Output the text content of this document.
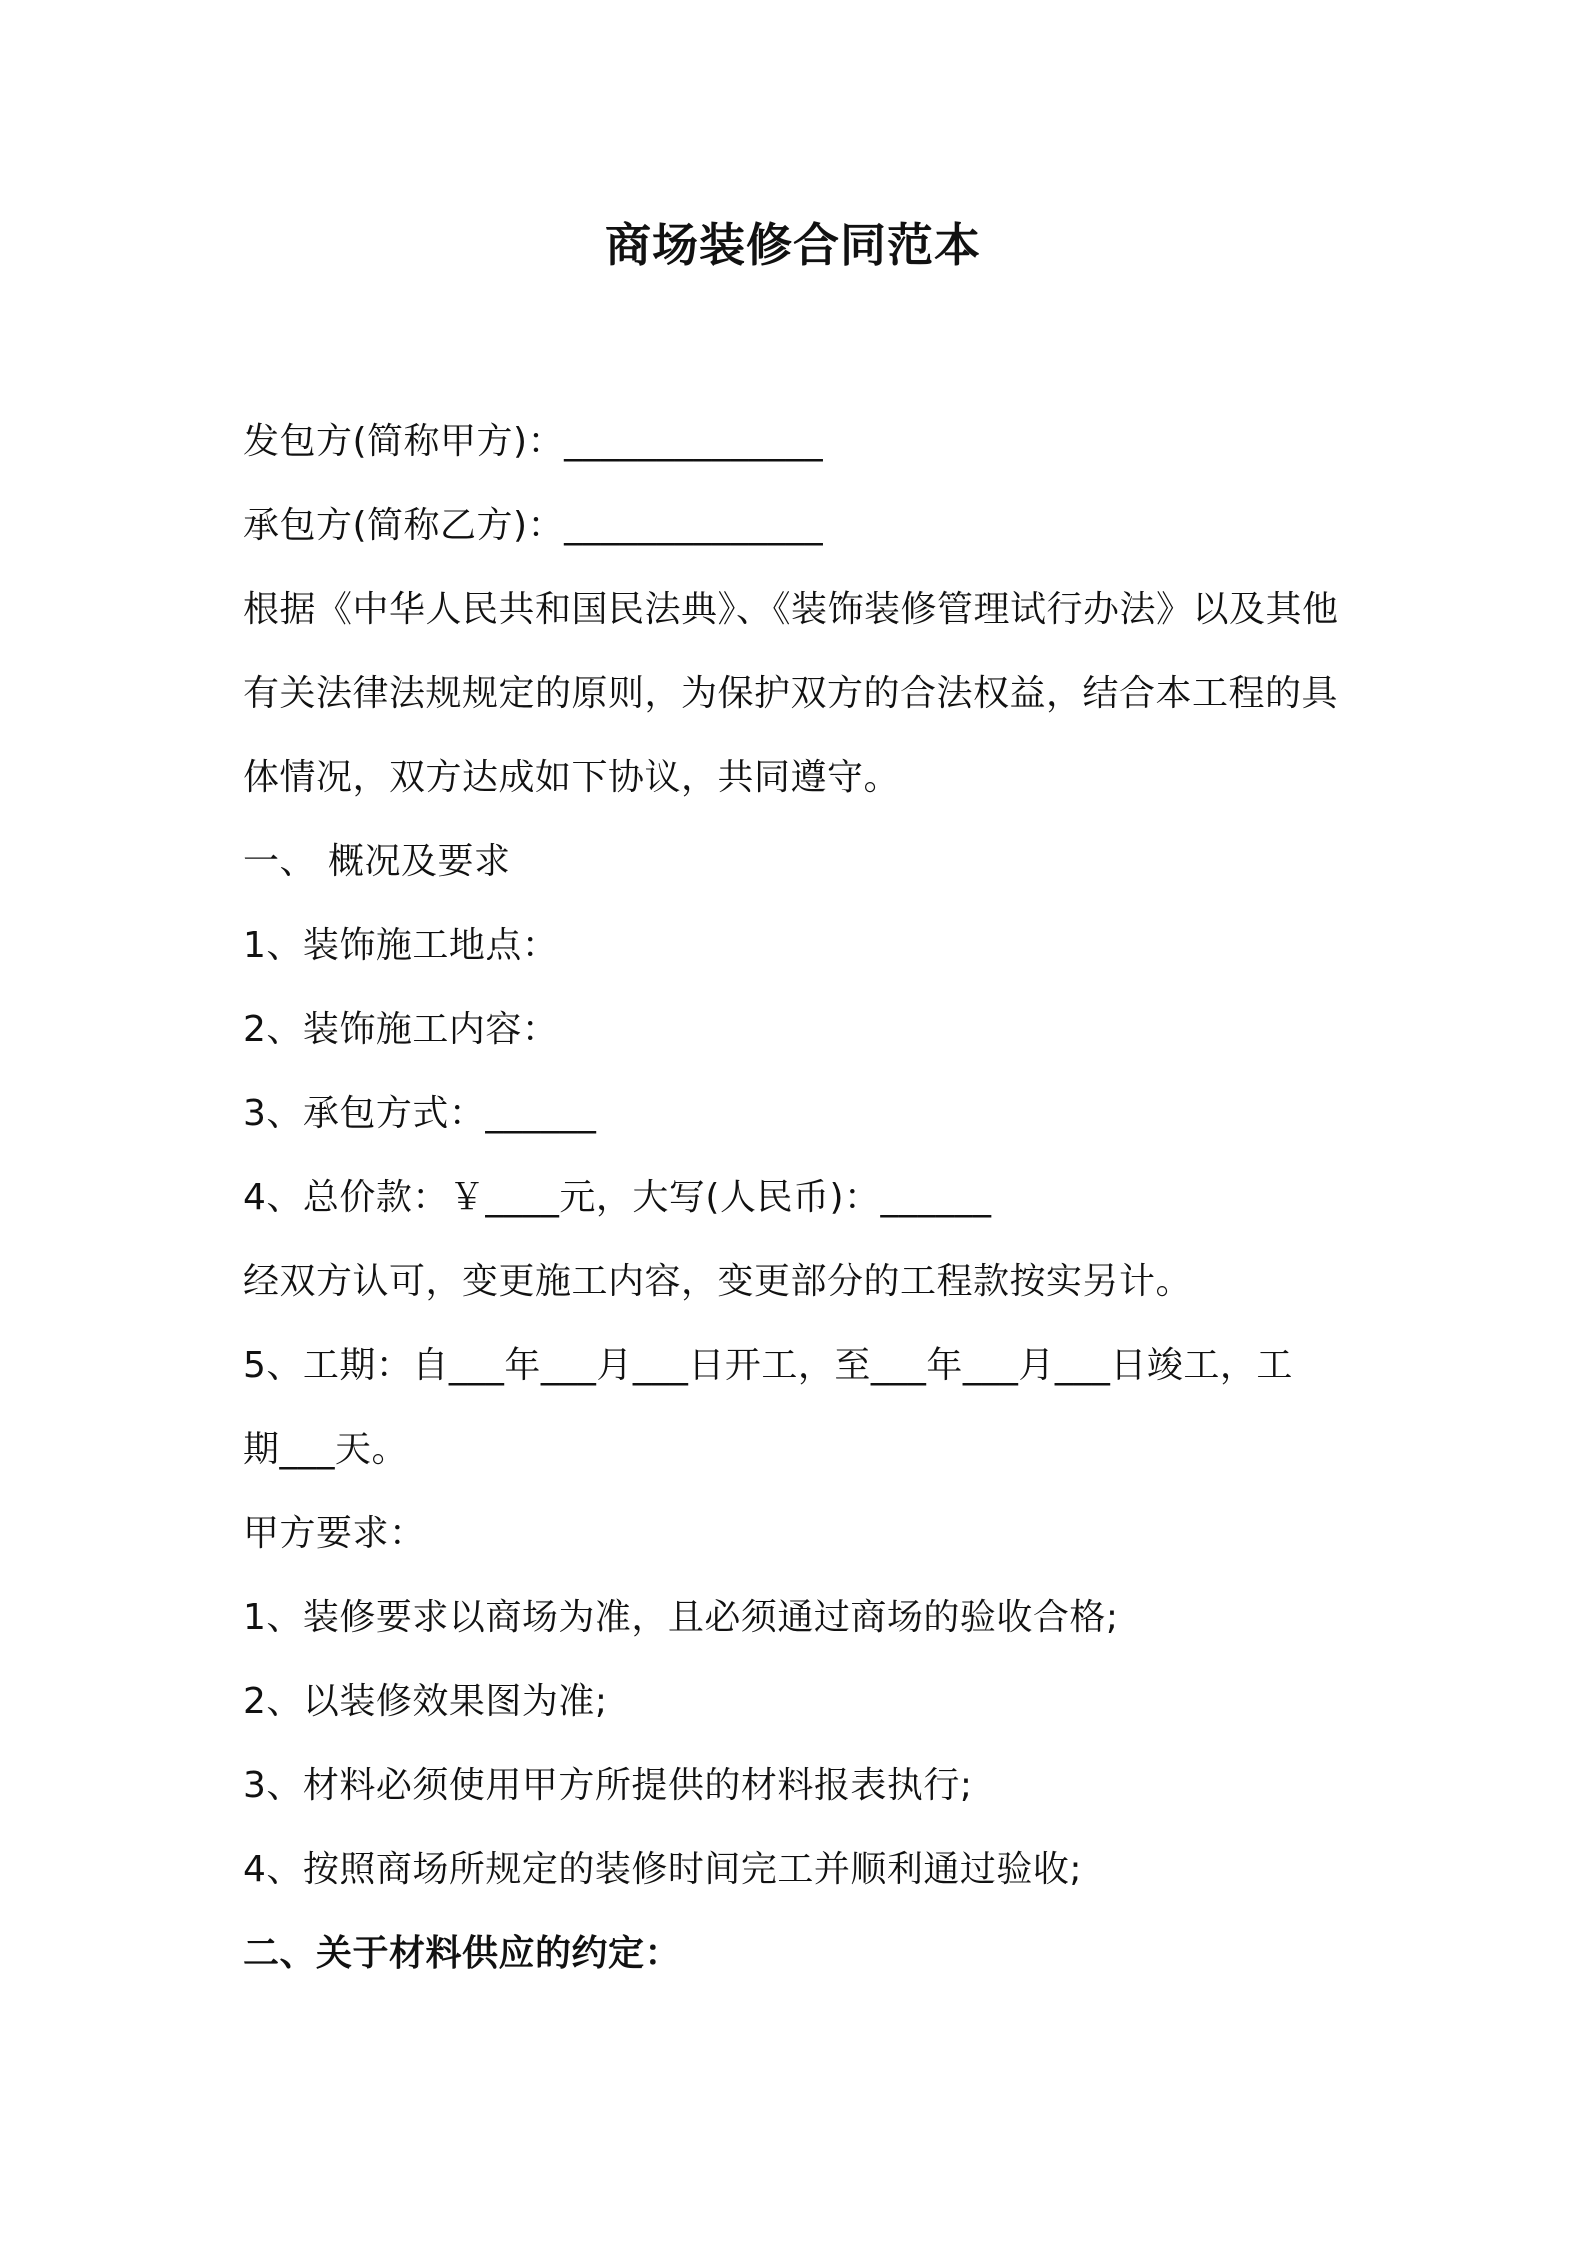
商场装修合同范本
发包方(简称甲方)：______________
承包方(简称乙方)：______________
根据《中华人民共和国民法典》、《装饰装修管理试行办法》以及其他
有关法律法规规定的原则，为保护双方的合法权益，结合本工程的具
体情况，双方达成如下协议，共同遵守。
一、 概况及要求
1、装饰施工地点：
2、装饰施工内容：
3、承包方式：______
4、总价款：￥____元，大写(人民币)：______
经双方认可，变更施工内容，变更部分的工程款按实另计。
5、工期：自___年___月___日开工，至___年___月___日竣工，工
期___天。
甲方要求：
1、装修要求以商场为准，且必须通过商场的验收合格;
2、以装修效果图为准;
3、材料必须使用甲方所提供的材料报表执行;
4、按照商场所规定的装修时间完工并顺利通过验收;
二、关于材料供应的约定：
